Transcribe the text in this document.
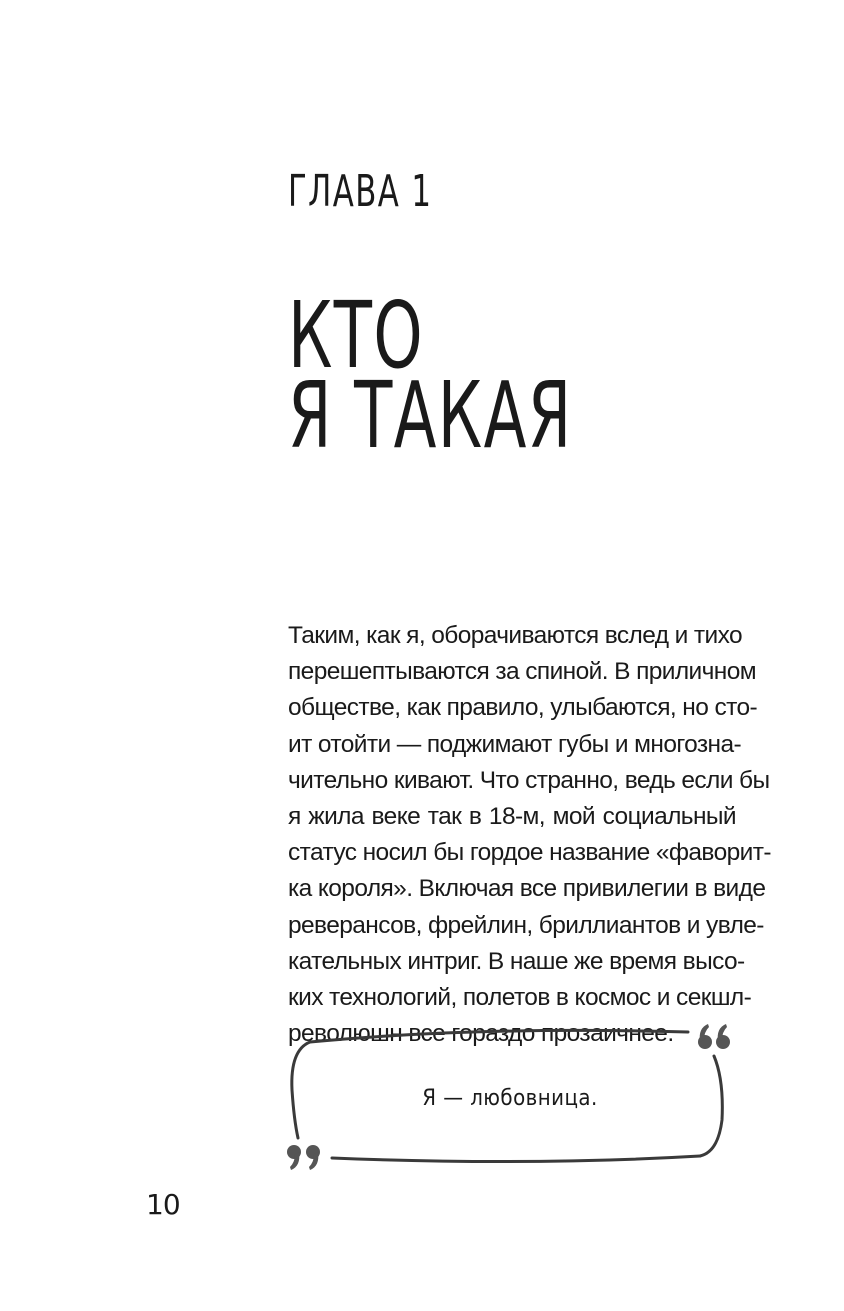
ГЛАВА 1
КТО
Я ТАКАЯ
Таким, как я, оборачиваются вслед и тихо
перешептываются за спиной. В приличном
обществе, как правило, улыбаются, но сто-
ит отойти — поджимают губы и многозна-
чительно кивают. Что странно, ведь если бы
я жила веке так в 18-м, мой социальный
статус носил бы гордое название «фаворит-
ка короля». Включая все привилегии в виде
реверансов, фрейлин, бриллиантов и увле-
кательных интриг. В наше же время высо-
ких технологий, полетов в космос и секшл-
революшн все гораздо прозаичнее.
Я — любовница.
10
